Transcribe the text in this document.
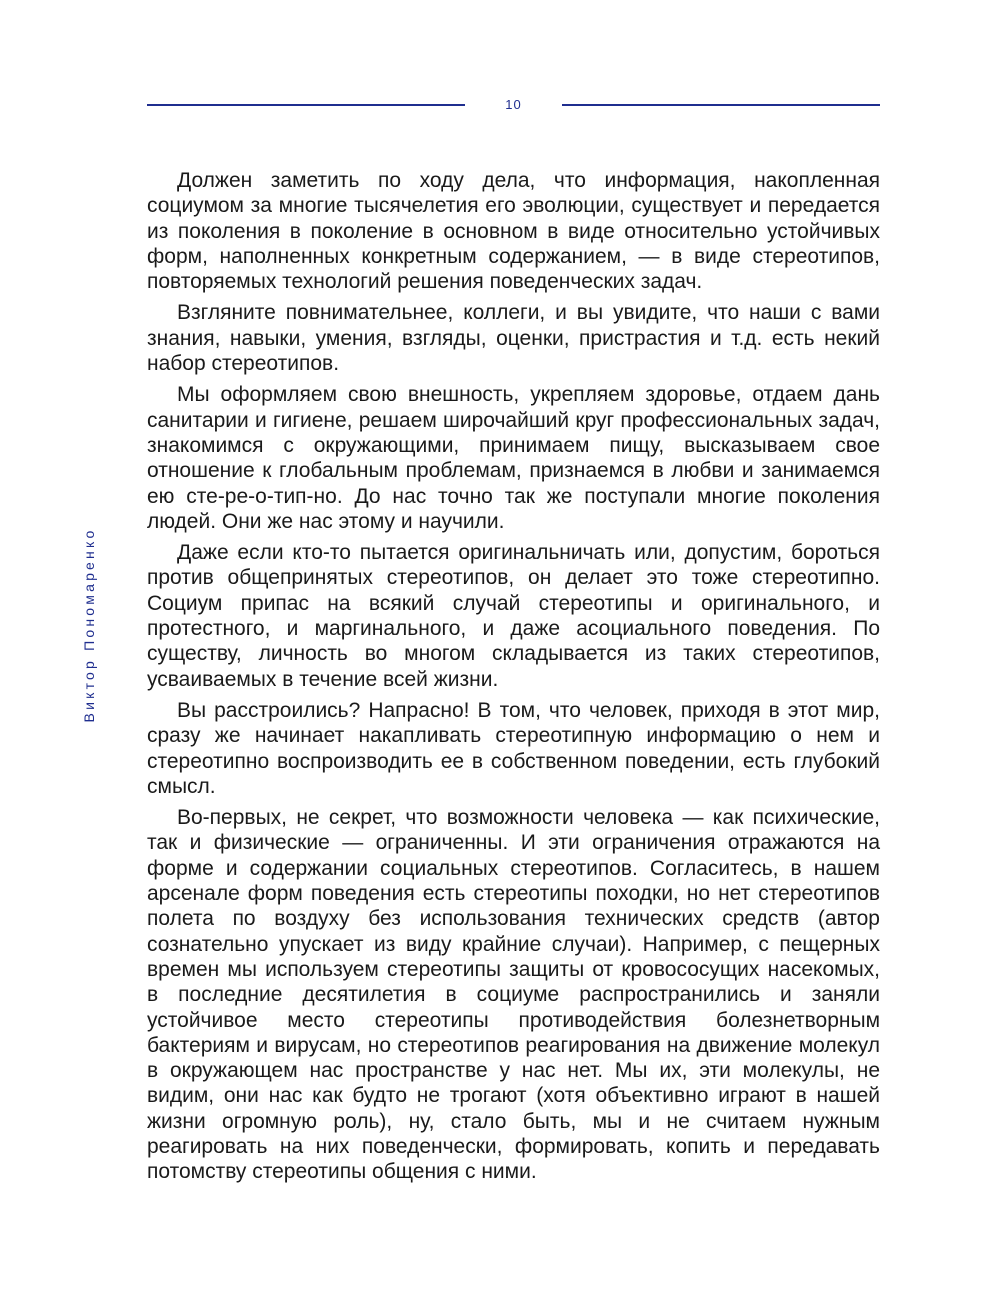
10
Виктор Пономаренко

Должен заметить по ходу дела, что информация, накопленная социумом за многие тысячелетия его эволюции, существует и передается из поколения в поколение в основном в виде относительно устойчивых форм, наполненных конкретным содержанием, — в виде стереотипов, повторяемых технологий решения поведенческих задач.

Взгляните повнимательнее, коллеги, и вы увидите, что наши с вами знания, навыки, умения, взгляды, оценки, пристрастия и т.д. есть некий набор стереотипов.

Мы оформляем свою внешность, укрепляем здоровье, отдаем дань санитарии и гигиене, решаем широчайший круг профессиональных задач, знакомимся с окружающими, принимаем пищу, высказываем свое отношение к глобальным проблемам, признаемся в любви и занимаемся ею сте-ре-о-тип-но. До нас точно так же поступали многие поколения людей. Они же нас этому и научили.

Даже если кто-то пытается оригинальничать или, допустим, бороться против общепринятых стереотипов, он делает это тоже стереотипно. Социум припас на всякий случай стереотипы и оригинального, и протестного, и маргинального, и даже асоциального поведения. По существу, личность во многом складывается из таких стереотипов, усваиваемых в течение всей жизни.

Вы расстроились? Напрасно! В том, что человек, приходя в этот мир, сразу же начинает накапливать стереотипную информацию о нем и стереотипно воспроизводить ее в собственном поведении, есть глубокий смысл.

Во-первых, не секрет, что возможности человека — как психические, так и физические — ограниченны. И эти ограничения отражаются на форме и содержании социальных стереотипов. Согласитесь, в нашем арсенале форм поведения есть стереотипы походки, но нет стереотипов полета по воздуху без использования технических средств (автор сознательно упускает из виду крайние случаи). Например, с пещерных времен мы используем стереотипы защиты от кровососущих насекомых, в последние десятилетия в социуме распространились и заняли устойчивое место стереотипы противодействия болезнетворным бактериям и вирусам, но стереотипов реагирования на движение молекул в окружающем нас пространстве у нас нет. Мы их, эти молекулы, не видим, они нас как будто не трогают (хотя объективно играют в нашей жизни огромную роль), ну, стало быть, мы и не считаем нужным реагировать на них поведенчески, формировать, копить и передавать потомству стереотипы общения с ними.
